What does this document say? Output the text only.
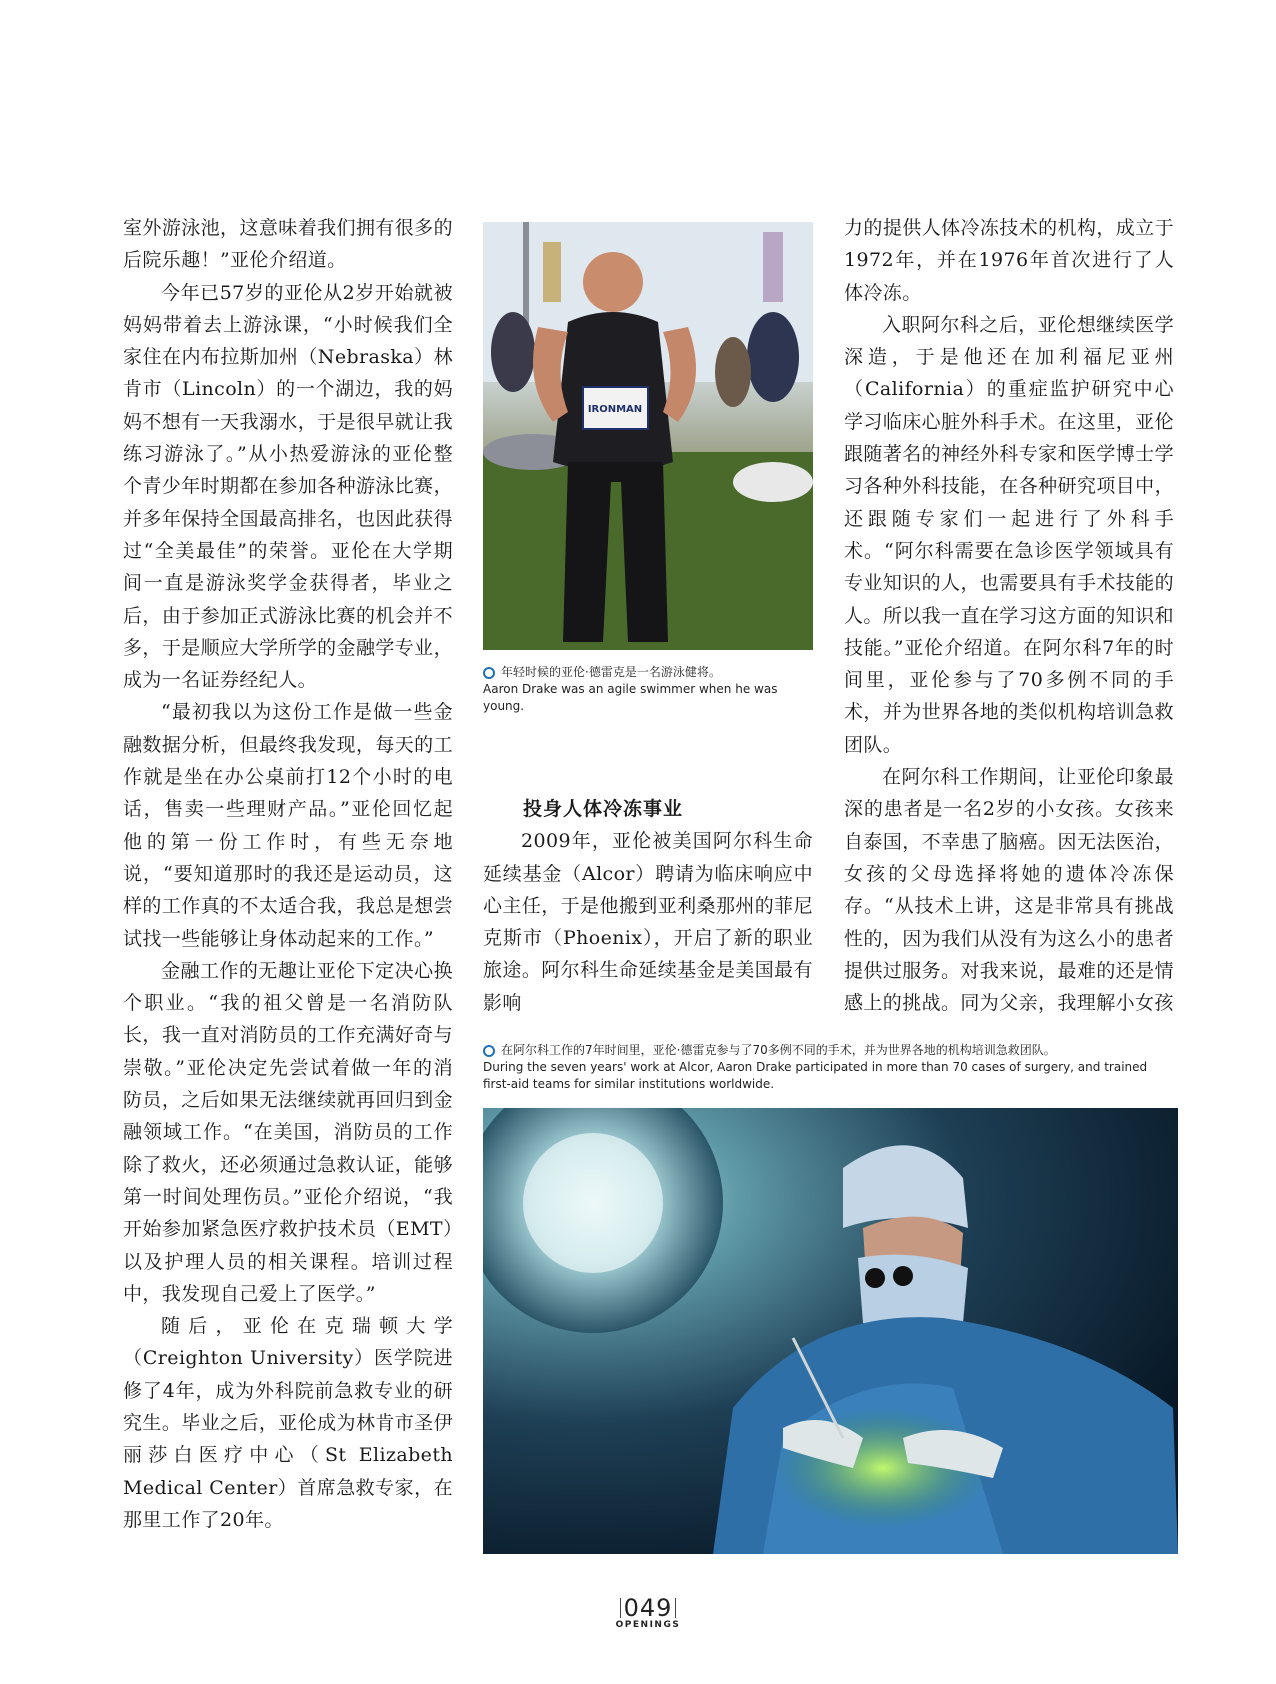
室外游泳池，这意味着我们拥有很多的后院乐趣！”亚伦介绍道。

今年已57岁的亚伦从2岁开始就被妈妈带着去上游泳课，“小时候我们全家住在内布拉斯加州（Nebraska）林肯市（Lincoln）的一个湖边，我的妈妈不想有一天我溺水，于是很早就让我练习游泳了。”从小热爱游泳的亚伦整个青少年时期都在参加各种游泳比赛，并多年保持全国最高排名，也因此获得过“全美最佳”的荣誉。亚伦在大学期间一直是游泳奖学金获得者，毕业之后，由于参加正式游泳比赛的机会并不多，于是顺应大学所学的金融学专业，成为一名证券经纪人。

“最初我以为这份工作是做一些金融数据分析，但最终我发现，每天的工作就是坐在办公桌前打12个小时的电话，售卖一些理财产品。”亚伦回忆起他的第一份工作时，有些无奈地说，“要知道那时的我还是运动员，这样的工作真的不太适合我，我总是想尝试找一些能够让身体动起来的工作。”

金融工作的无趣让亚伦下定决心换个职业。“我的祖父曾是一名消防队长，我一直对消防员的工作充满好奇与崇敬。”亚伦决定先尝试着做一年的消防员，之后如果无法继续就再回归到金融领域工作。“在美国，消防员的工作除了救火，还必须通过急救认证，能够第一时间处理伤员。”亚伦介绍说，“我开始参加紧急医疗救护技术员（EMT）以及护理人员的相关课程。培训过程中，我发现自己爱上了医学。”

随后，亚伦在克瑞顿大学（Creighton University）医学院进修了4年，成为外科院前急救专业的研究生。毕业之后，亚伦成为林肯市圣伊丽莎白医疗中心（St Elizabeth Medical Center）首席急救专家，在那里工作了20年。

IRONMAN
年轻时候的亚伦·德雷克是一名游泳健将。
Aaron Drake was an agile swimmer when he was young.

投身人体冷冻事业

2009年，亚伦被美国阿尔科生命延续基金（Alcor）聘请为临床响应中心主任，于是他搬到亚利桑那州的菲尼克斯市（Phoenix），开启了新的职业旅途。阿尔科生命延续基金是美国最有影响

力的提供人体冷冻技术的机构，成立于1972年，并在1976年首次进行了人体冷冻。

入职阿尔科之后，亚伦想继续医学深造，于是他还在加利福尼亚州（California）的重症监护研究中心学习临床心脏外科手术。在这里，亚伦跟随著名的神经外科专家和医学博士学习各种外科技能，在各种研究项目中，还跟随专家们一起进行了外科手术。“阿尔科需要在急诊医学领域具有专业知识的人，也需要具有手术技能的人。所以我一直在学习这方面的知识和技能。”亚伦介绍道。在阿尔科7年的时间里，亚伦参与了70多例不同的手术，并为世界各地的类似机构培训急救团队。

在阿尔科工作期间，让亚伦印象最深的患者是一名2岁的小女孩。女孩来自泰国，不幸患了脑癌。因无法医治，女孩的父母选择将她的遗体冷冻保存。“从技术上讲，这是非常具有挑战性的，因为我们从没有为这么小的患者提供过服务。对我来说，最难的还是情感上的挑战。同为父亲，我理解小女孩

在阿尔科工作的7年时间里，亚伦·德雷克参与了70多例不同的手术，并为世界各地的机构培训急救团队。
During the seven years' work at Alcor, Aaron Drake participated in more than 70 cases of surgery, and trained first-aid teams for similar institutions worldwide.
049
OPENINGS
